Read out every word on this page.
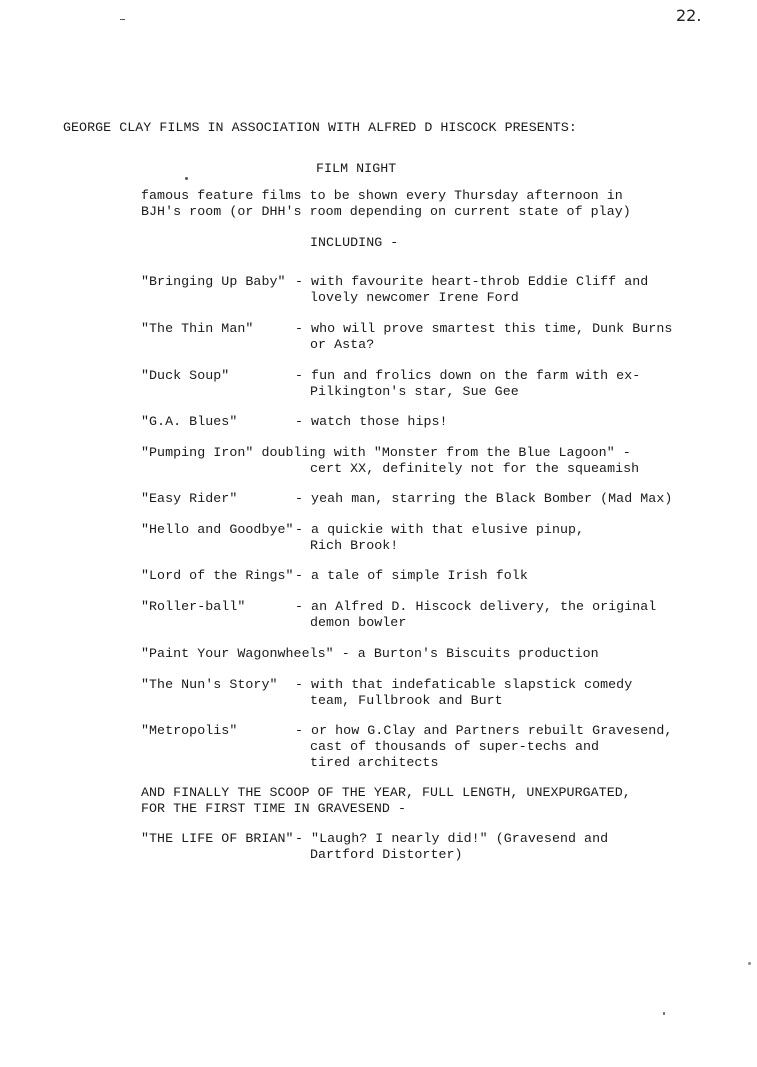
22.
GEORGE CLAY FILMS IN ASSOCIATION WITH ALFRED D HISCOCK PRESENTS:
FILM NIGHT
famous feature films to be shown every Thursday afternoon in
BJH's room (or DHH's room depending on current state of play)
INCLUDING -
"Bringing Up Baby" - with favourite heart-throb Eddie Cliff and
lovely newcomer Irene Ford
"The Thin Man"	- who will prove smartest this time, Dunk Burns
or Asta?
"Duck Soup"	- fun and frolics down on the farm with ex-
Pilkington's star, Sue Gee
"G.A. Blues"	- watch those hips!
"Pumping Iron" doubling with "Monster from the Blue Lagoon" -
cert XX, definitely not for the squeamish
"Easy Rider"	- yeah man, starring the Black Bomber (Mad Max)
"Hello and Goodbye" - a quickie with that elusive pinup,
Rich Brook!
"Lord of the Rings" - a tale of simple Irish folk
"Roller-ball"	- an Alfred D. Hiscock delivery, the original
demon bowler
"Paint Your Wagonwheels" - a Burton's Biscuits production
"The Nun's Story" - with that indefaticable slapstick comedy
team, Fullbrook and Burt
"Metropolis"	- or how G.Clay and Partners rebuilt Gravesend,
cast of thousands of super-techs and
tired architects
AND FINALLY THE SCOOP OF THE YEAR, FULL LENGTH, UNEXPURGATED,
FOR THE FIRST TIME IN GRAVESEND -
"THE LIFE OF BRIAN" - "Laugh? I nearly did!" (Gravesend and
Dartford Distorter)
